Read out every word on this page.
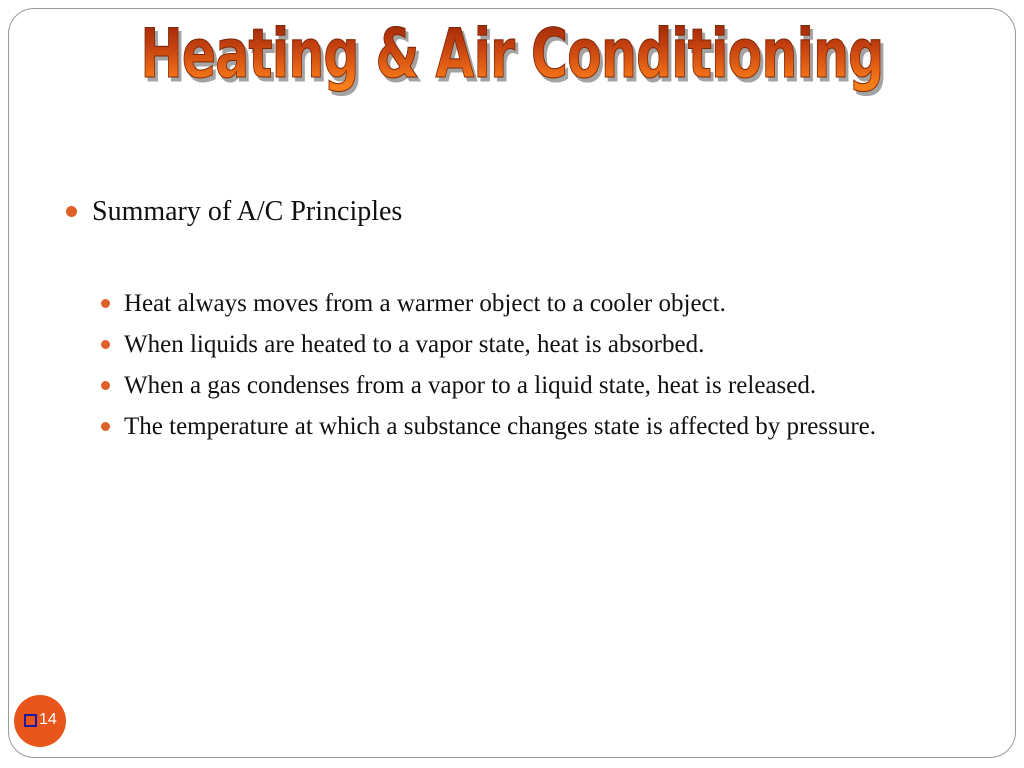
Heating & Air Conditioning
Summary of A/C Principles
Heat always moves from a warmer object to a cooler object.
When liquids are heated to a vapor state, heat is absorbed.
When a gas condenses from a vapor to a liquid state, heat is released.
The temperature at which a substance changes state is affected by pressure.
14
